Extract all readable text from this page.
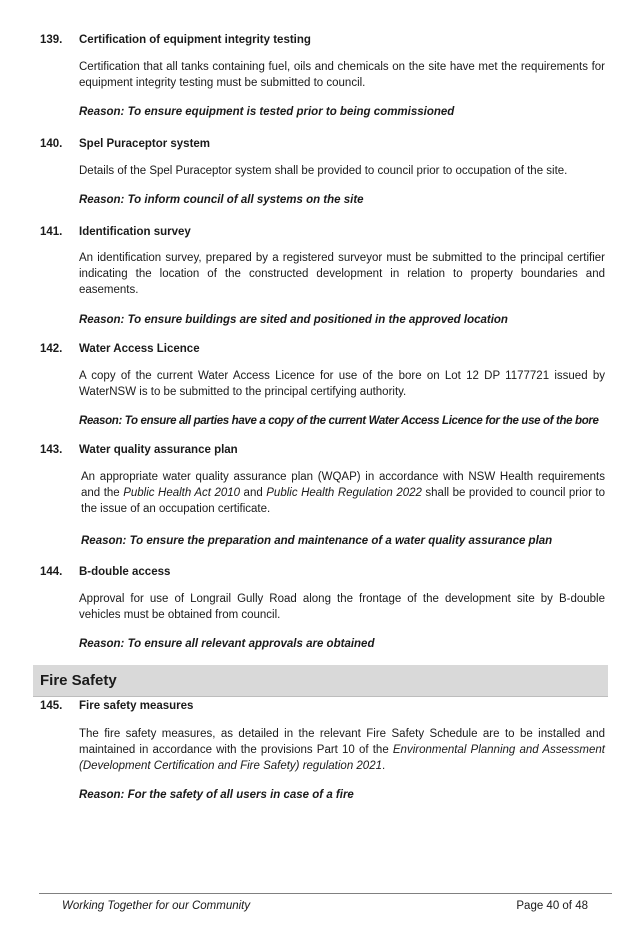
139. Certification of equipment integrity testing
Certification that all tanks containing fuel, oils and chemicals on the site have met the requirements for equipment integrity testing must be submitted to council.
Reason: To ensure equipment is tested prior to being commissioned
140. Spel Puraceptor system
Details of the Spel Puraceptor system shall be provided to council prior to occupation of the site.
Reason: To inform council of all systems on the site
141. Identification survey
An identification survey, prepared by a registered surveyor must be submitted to the principal certifier indicating the location of the constructed development in relation to property boundaries and easements.
Reason: To ensure buildings are sited and positioned in the approved location
142. Water Access Licence
A copy of the current Water Access Licence for use of the bore on Lot 12 DP 1177721 issued by WaterNSW is to be submitted to the principal certifying authority.
Reason: To ensure all parties have a copy of the current Water Access Licence for the use of the bore
143. Water quality assurance plan
An appropriate water quality assurance plan (WQAP) in accordance with NSW Health requirements and the Public Health Act 2010 and Public Health Regulation 2022 shall be provided to council prior to the issue of an occupation certificate.
Reason: To ensure the preparation and maintenance of a water quality assurance plan
144. B-double access
Approval for use of Longrail Gully Road along the frontage of the development site by B-double vehicles must be obtained from council.
Reason: To ensure all relevant approvals are obtained
Fire Safety
145. Fire safety measures
The fire safety measures, as detailed in the relevant Fire Safety Schedule are to be installed and maintained in accordance with the provisions Part 10 of the Environmental Planning and Assessment (Development Certification and Fire Safety) regulation 2021.
Reason: For the safety of all users in case of a fire
Working Together for our Community	Page 40 of 48
